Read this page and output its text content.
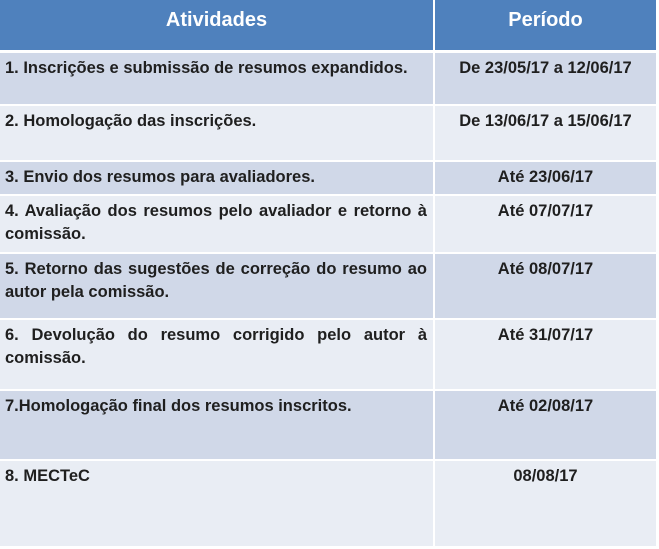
Atividades	Período
1. Inscrições e submissão de resumos expandidos.	De 23/05/17 a 12/06/17
2. Homologação das inscrições.	De 13/06/17 a 15/06/17
3. Envio dos resumos para avaliadores.	Até 23/06/17
4. Avaliação dos resumos pelo avaliador e retorno à comissão.	Até 07/07/17
5. Retorno das sugestões de correção do resumo ao autor pela comissão.	Até 08/07/17
6. Devolução do resumo corrigido pelo autor à comissão.	Até 31/07/17
7.Homologação final dos resumos inscritos.	Até 02/08/17
8. MECTeC	08/08/17
